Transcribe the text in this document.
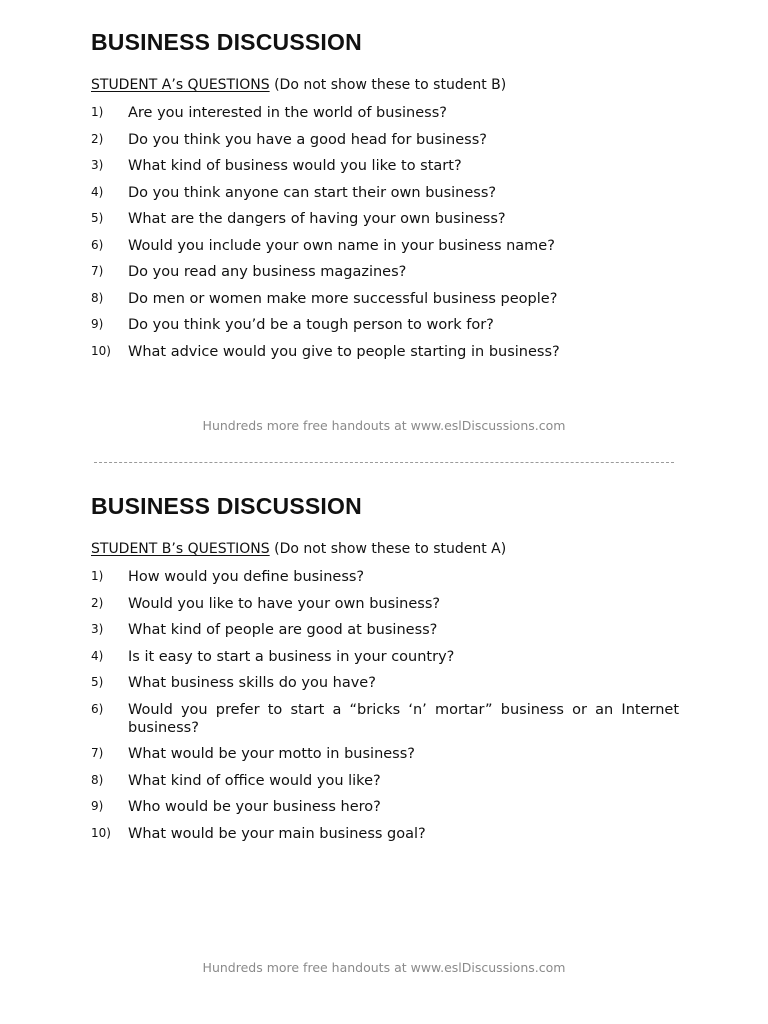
BUSINESS DISCUSSION
STUDENT A’s QUESTIONS (Do not show these to student B)
1)	Are you interested in the world of business?
2)	Do you think you have a good head for business?
3)	What kind of business would you like to start?
4)	Do you think anyone can start their own business?
5)	What are the dangers of having your own business?
6)	Would you include your own name in your business name?
7)	Do you read any business magazines?
8)	Do men or women make more successful business people?
9)	Do you think you’d be a tough person to work for?
10)	What advice would you give to people starting in business?
Hundreds more free handouts at www.eslDiscussions.com
BUSINESS DISCUSSION
STUDENT B’s QUESTIONS (Do not show these to student A)
1)	How would you define business?
2)	Would you like to have your own business?
3)	What kind of people are good at business?
4)	Is it easy to start a business in your country?
5)	What business skills do you have?
6)	Would you prefer to start a “bricks ‘n’ mortar” business or an Internet business?
7)	What would be your motto in business?
8)	What kind of office would you like?
9)	Who would be your business hero?
10)	What would be your main business goal?
Hundreds more free handouts at www.eslDiscussions.com
